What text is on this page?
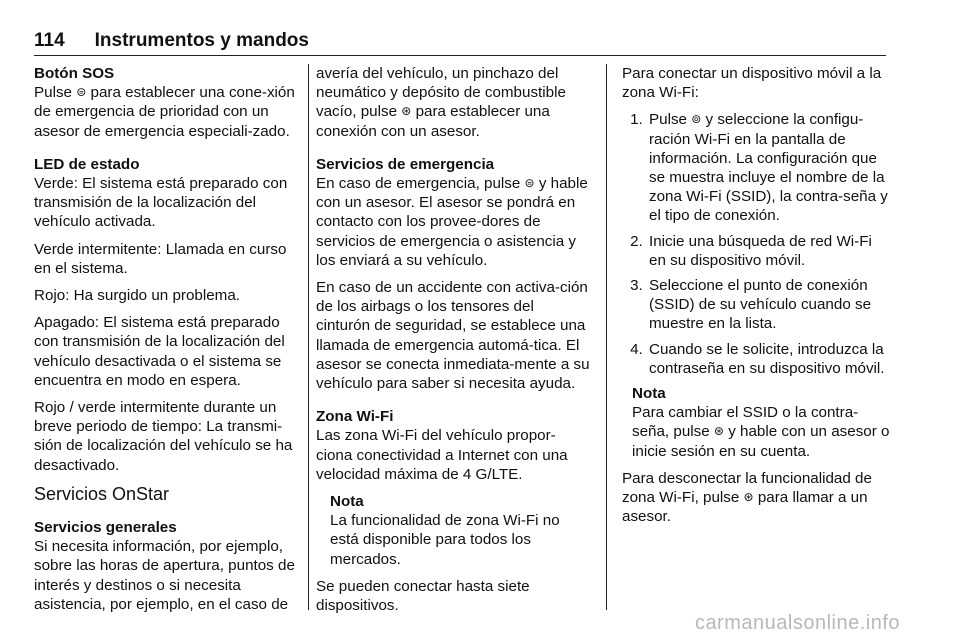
114 Instrumentos y mandos
Botón SOS

Pulse ⊜ para establecer una cone-xión de emergencia de prioridad con un asesor de emergencia especiali-zado.

LED de estado

Verde: El sistema está preparado con transmisión de la localización del vehículo activada.

Verde intermitente: Llamada en curso en el sistema.

Rojo: Ha surgido un problema.

Apagado: El sistema está preparado con transmisión de la localización del vehículo desactivada o el sistema se encuentra en modo en espera.

Rojo / verde intermitente durante un breve periodo de tiempo: La transmi-sión de localización del vehículo se ha desactivado.

Servicios OnStar
Servicios generales

Si necesita información, por ejemplo, sobre las horas de apertura, puntos de interés y destinos o si necesita asistencia, por ejemplo, en el caso de

avería del vehículo, un pinchazo del neumático y depósito de combustible vacío, pulse ⊛ para establecer una conexión con un asesor.

Servicios de emergencia

En caso de emergencia, pulse ⊜ y hable con un asesor. El asesor se pondrá en contacto con los provee-dores de servicios de emergencia o asistencia y los enviará a su vehículo.

En caso de un accidente con activa-ción de los airbags o los tensores del cinturón de seguridad, se establece una llamada de emergencia automá-tica. El asesor se conecta inmediata-mente a su vehículo para saber si necesita ayuda.

Zona Wi-Fi

Las zona Wi-Fi del vehículo propor-ciona conectividad a Internet con una velocidad máxima de 4 G/LTE.

Nota
La funcionalidad de zona Wi-Fi no está disponible para todos los mercados.

Se pueden conectar hasta siete dispositivos.

Para conectar un dispositivo móvil a la zona Wi-Fi:

1. Pulse ⊚ y seleccione la configu-ración Wi-Fi en la pantalla de información. La configuración que se muestra incluye el nombre de la zona Wi-Fi (SSID), la contra-seña y el tipo de conexión.
2. Inicie una búsqueda de red Wi-Fi en su dispositivo móvil.
3. Seleccione el punto de conexión (SSID) de su vehículo cuando se muestre en la lista.
4. Cuando se le solicite, introduzca la contraseña en su dispositivo móvil.
Nota
Para cambiar el SSID o la contra-seña, pulse ⊛ y hable con un asesor o inicie sesión en su cuenta.

Para desconectar la funcionalidad de zona Wi-Fi, pulse ⊛ para llamar a un asesor.

carmanualsonline.info
